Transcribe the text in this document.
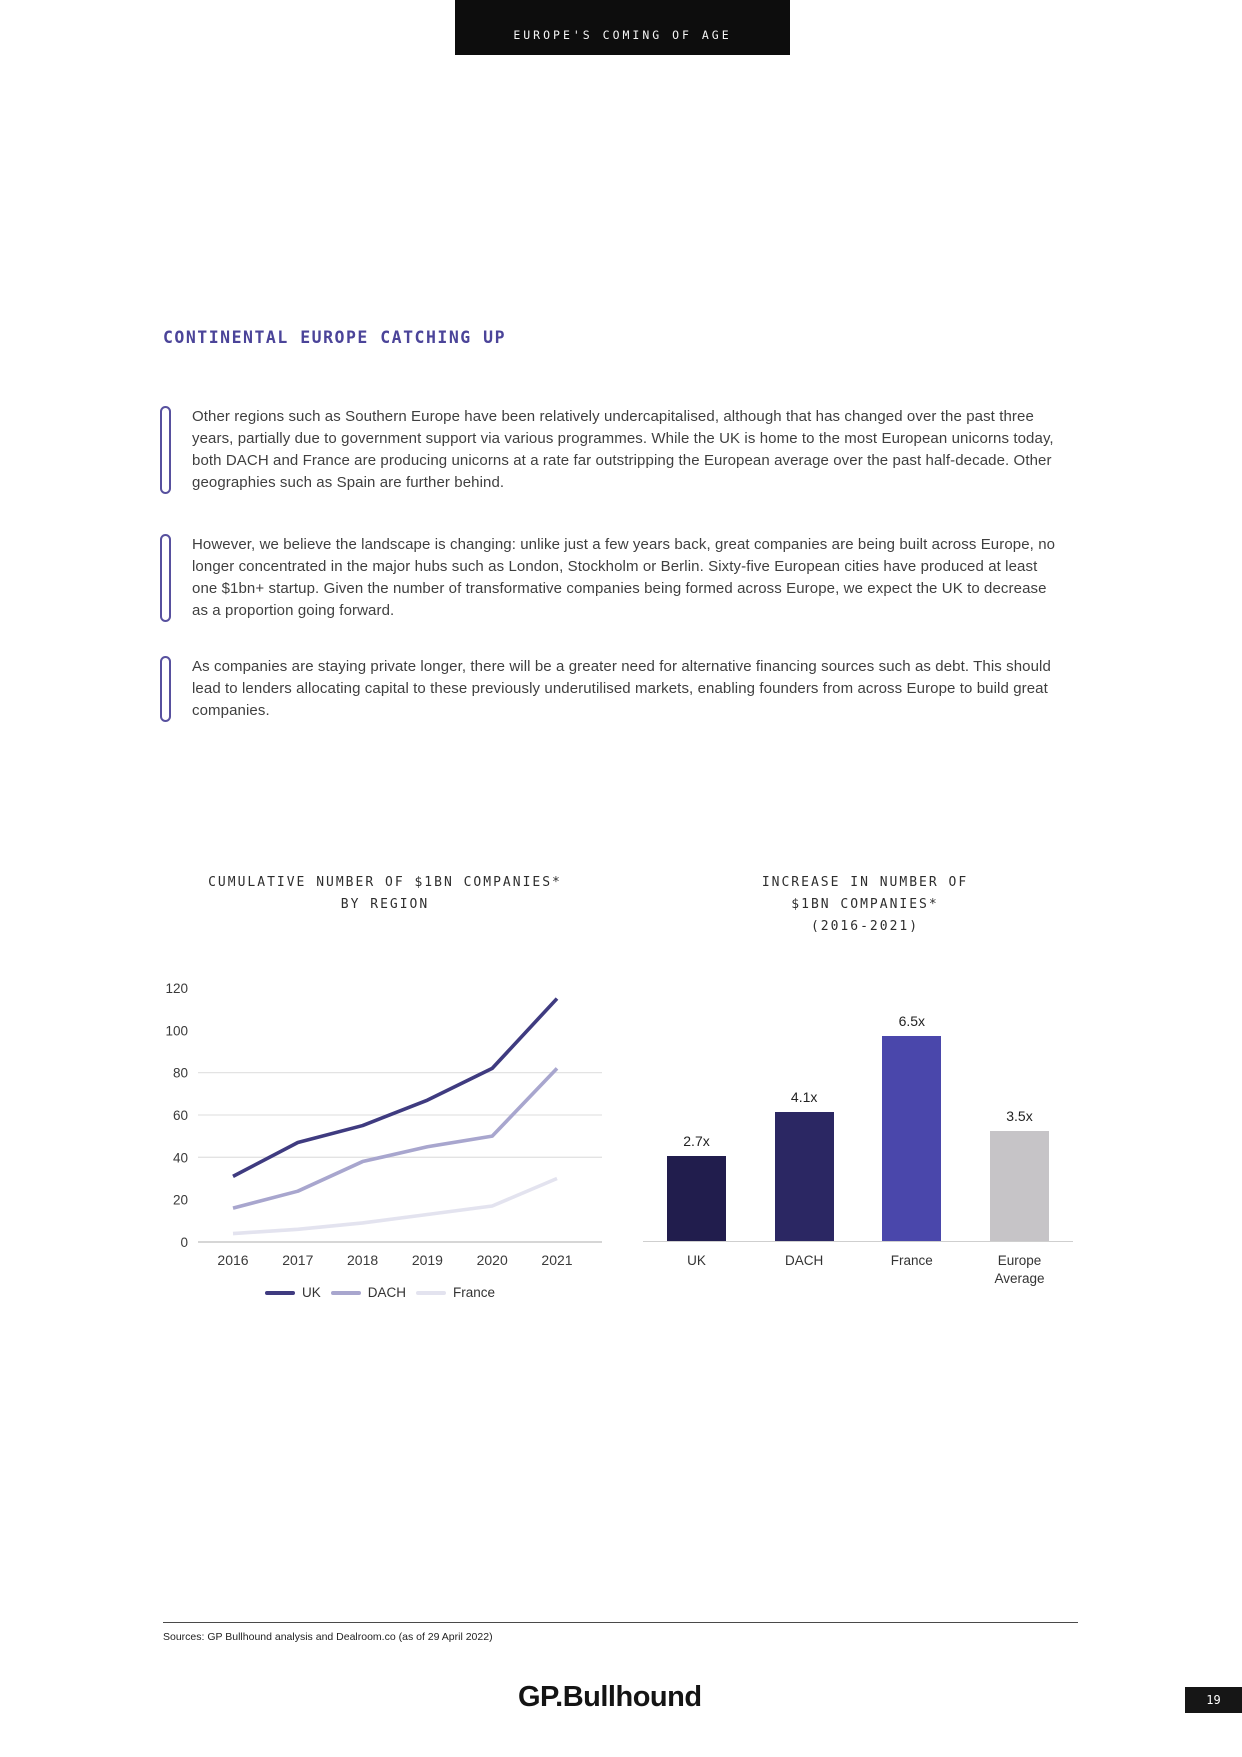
EUROPE'S COMING OF AGE
CONTINENTAL EUROPE CATCHING UP
Other regions such as Southern Europe have been relatively undercapitalised, although that has changed over the past three years, partially due to government support via various programmes. While the UK is home to the most European unicorns today, both DACH and France are producing unicorns at a rate far outstripping the European average over the past half-decade. Other geographies such as Spain are further behind.
However, we believe the landscape is changing: unlike just a few years back, great companies are being built across Europe, no longer concentrated in the major hubs such as London, Stockholm or Berlin. Sixty-five European cities have produced at least one $1bn+ startup. Given the number of transformative companies being formed across Europe, we expect the UK to decrease as a proportion going forward.
As companies are staying private longer, there will be a greater need for alternative financing sources such as debt. This should lead to lenders allocating capital to these previously underutilised markets, enabling founders from across Europe to build great companies.
CUMULATIVE NUMBER OF $1BN COMPANIES*
BY REGION
INCREASE IN NUMBER OF
$1BN COMPANIES*
(2016-2021)
0
20
40
60
80
100
120
2016 2017 2018 2019 2020 2021
UK	DACH	France
2.7x
4.1x
6.5x
3.5x
UK	DACH	France	Europe Average
Sources: GP Bullhound analysis and Dealroom.co (as of 29 April 2022)
GP.Bullhound	19
